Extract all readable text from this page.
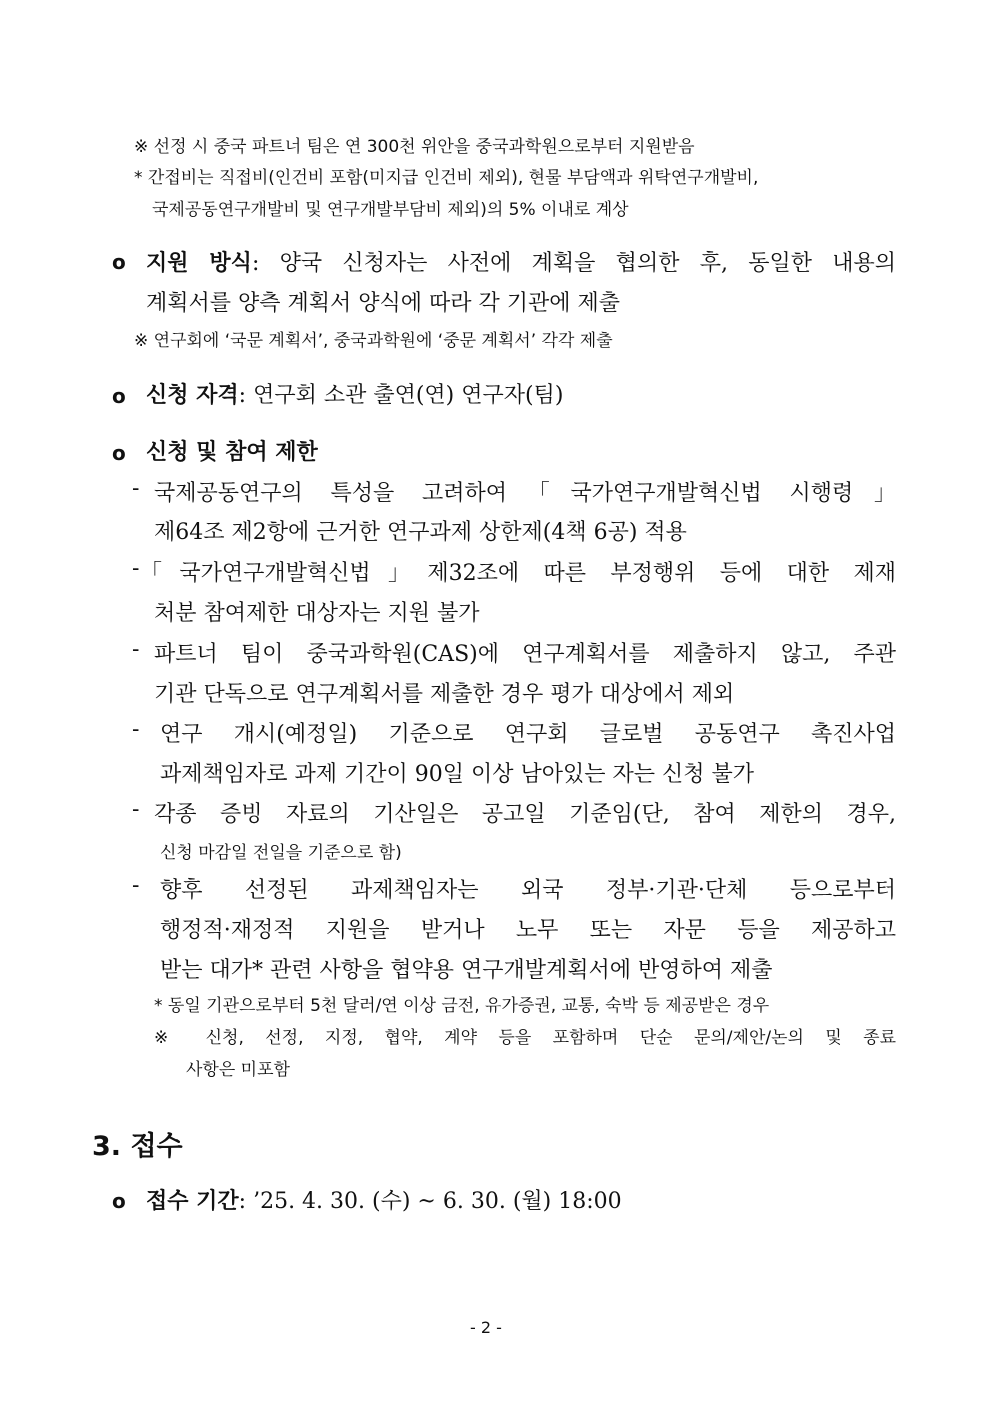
※ 선정 시 중국 파트너 팀은 연 300천 위안을 중국과학원으로부터 지원받음
* 간접비는 직접비(인건비 포함(미지급 인건비 제외), 현물 부담액과 위탁연구개발비,
국제공동연구개발비 및 연구개발부담비 제외)의 5% 이내로 계상
o 지원 방식: 양국 신청자는 사전에 계획을 협의한 후, 동일한 내용의
계획서를 양측 계획서 양식에 따라 각 기관에 제출
※ 연구회에 ‘국문 계획서’, 중국과학원에 ‘중문 계획서’ 각각 제출
o 신청 자격: 연구회 소관 출연(연) 연구자(팀)
o 신청 및 참여 제한
- 국제공동연구의 특성을 고려하여「국가연구개발혁신법 시행령」
제64조 제2항에 근거한 연구과제 상한제(4책 6공) 적용
- 「국가연구개발혁신법」제32조에 따른 부정행위 등에 대한 제재
처분 참여제한 대상자는 지원 불가
- 파트너 팀이 중국과학원(CAS)에 연구계획서를 제출하지 않고, 주관
기관 단독으로 연구계획서를 제출한 경우 평가 대상에서 제외
- 연구 개시(예정일) 기준으로 연구회 글로벌 공동연구 촉진사업
과제책임자로 과제 기간이 90일 이상 남아있는 자는 신청 불가
- 각종 증빙 자료의 기산일은 공고일 기준임(단, 참여 제한의 경우,
신청 마감일 전일을 기준으로 함)
- 향후 선정된 과제책임자는 외국 정부·기관·단체 등으로부터
행정적·재정적 지원을 받거나 노무 또는 자문 등을 제공하고
받는 대가* 관련 사항을 협약용 연구개발계획서에 반영하여 제출
* 동일 기관으로부터 5천 달러/연 이상 금전, 유가증권, 교통, 숙박 등 제공받은 경우
※ 신청, 선정, 지정, 협약, 계약 등을 포함하며 단순 문의/제안/논의 및 종료
사항은 미포함
3. 접수
o 접수 기간: ’25. 4. 30. (수) ~ 6. 30. (월) 18:00
- 2 -
